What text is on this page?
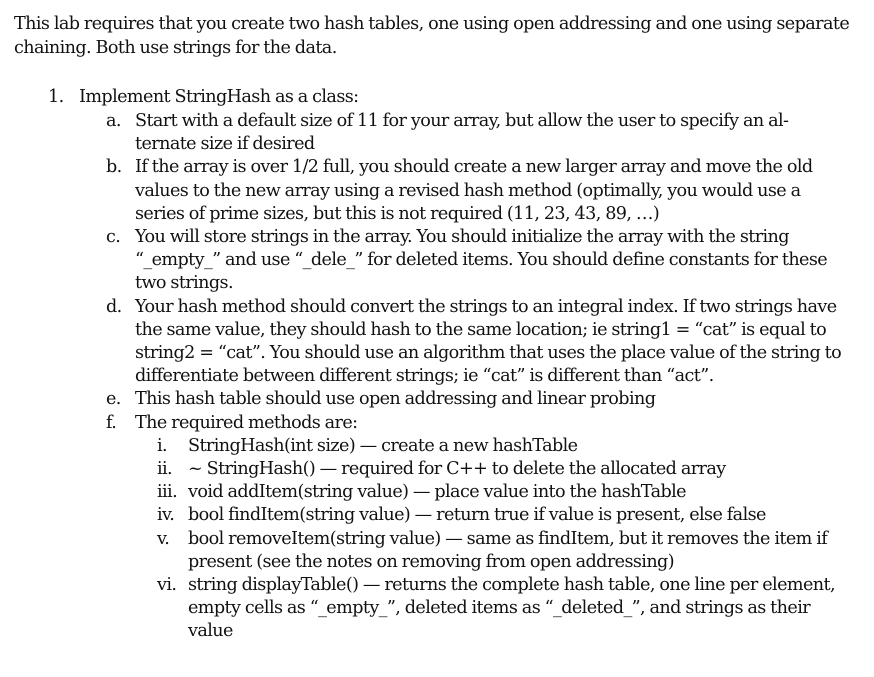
This lab requires that you create two hash tables, one using open addressing and one using separate chaining. Both use strings for the data.

1. Implement StringHash as a class:
a. Start with a default size of 11 for your array, but allow the user to specify an al-ternate size if desired
b. If the array is over 1/2 full, you should create a new larger array and move the old values to the new array using a revised hash method (optimally, you would use a series of prime sizes, but this is not required (11, 23, 43, 89, …)
c. You will store strings in the array. You should initialize the array with the string “_empty_” and use “_dele_” for deleted items. You should define constants for these two strings.
d. Your hash method should convert the strings to an integral index. If two strings have the same value, they should hash to the same location; ie string1 = “cat” is equal to string2 = “cat”. You should use an algorithm that uses the place value of the string to differentiate between different strings; ie “cat” is different than “act”.
e. This hash table should use open addressing and linear probing
f. The required methods are:
i. StringHash(int size) — create a new hashTable
ii. ~ StringHash() — required for C++ to delete the allocated array
iii. void addItem(string value) — place value into the hashTable
iv. bool findItem(string value) — return true if value is present, else false
v. bool removeItem(string value) — same as findItem, but it removes the item if present (see the notes on removing from open addressing)
vi. string displayTable() — returns the complete hash table, one line per element, empty cells as “_empty_”, deleted items as “_deleted_”, and strings as their value
